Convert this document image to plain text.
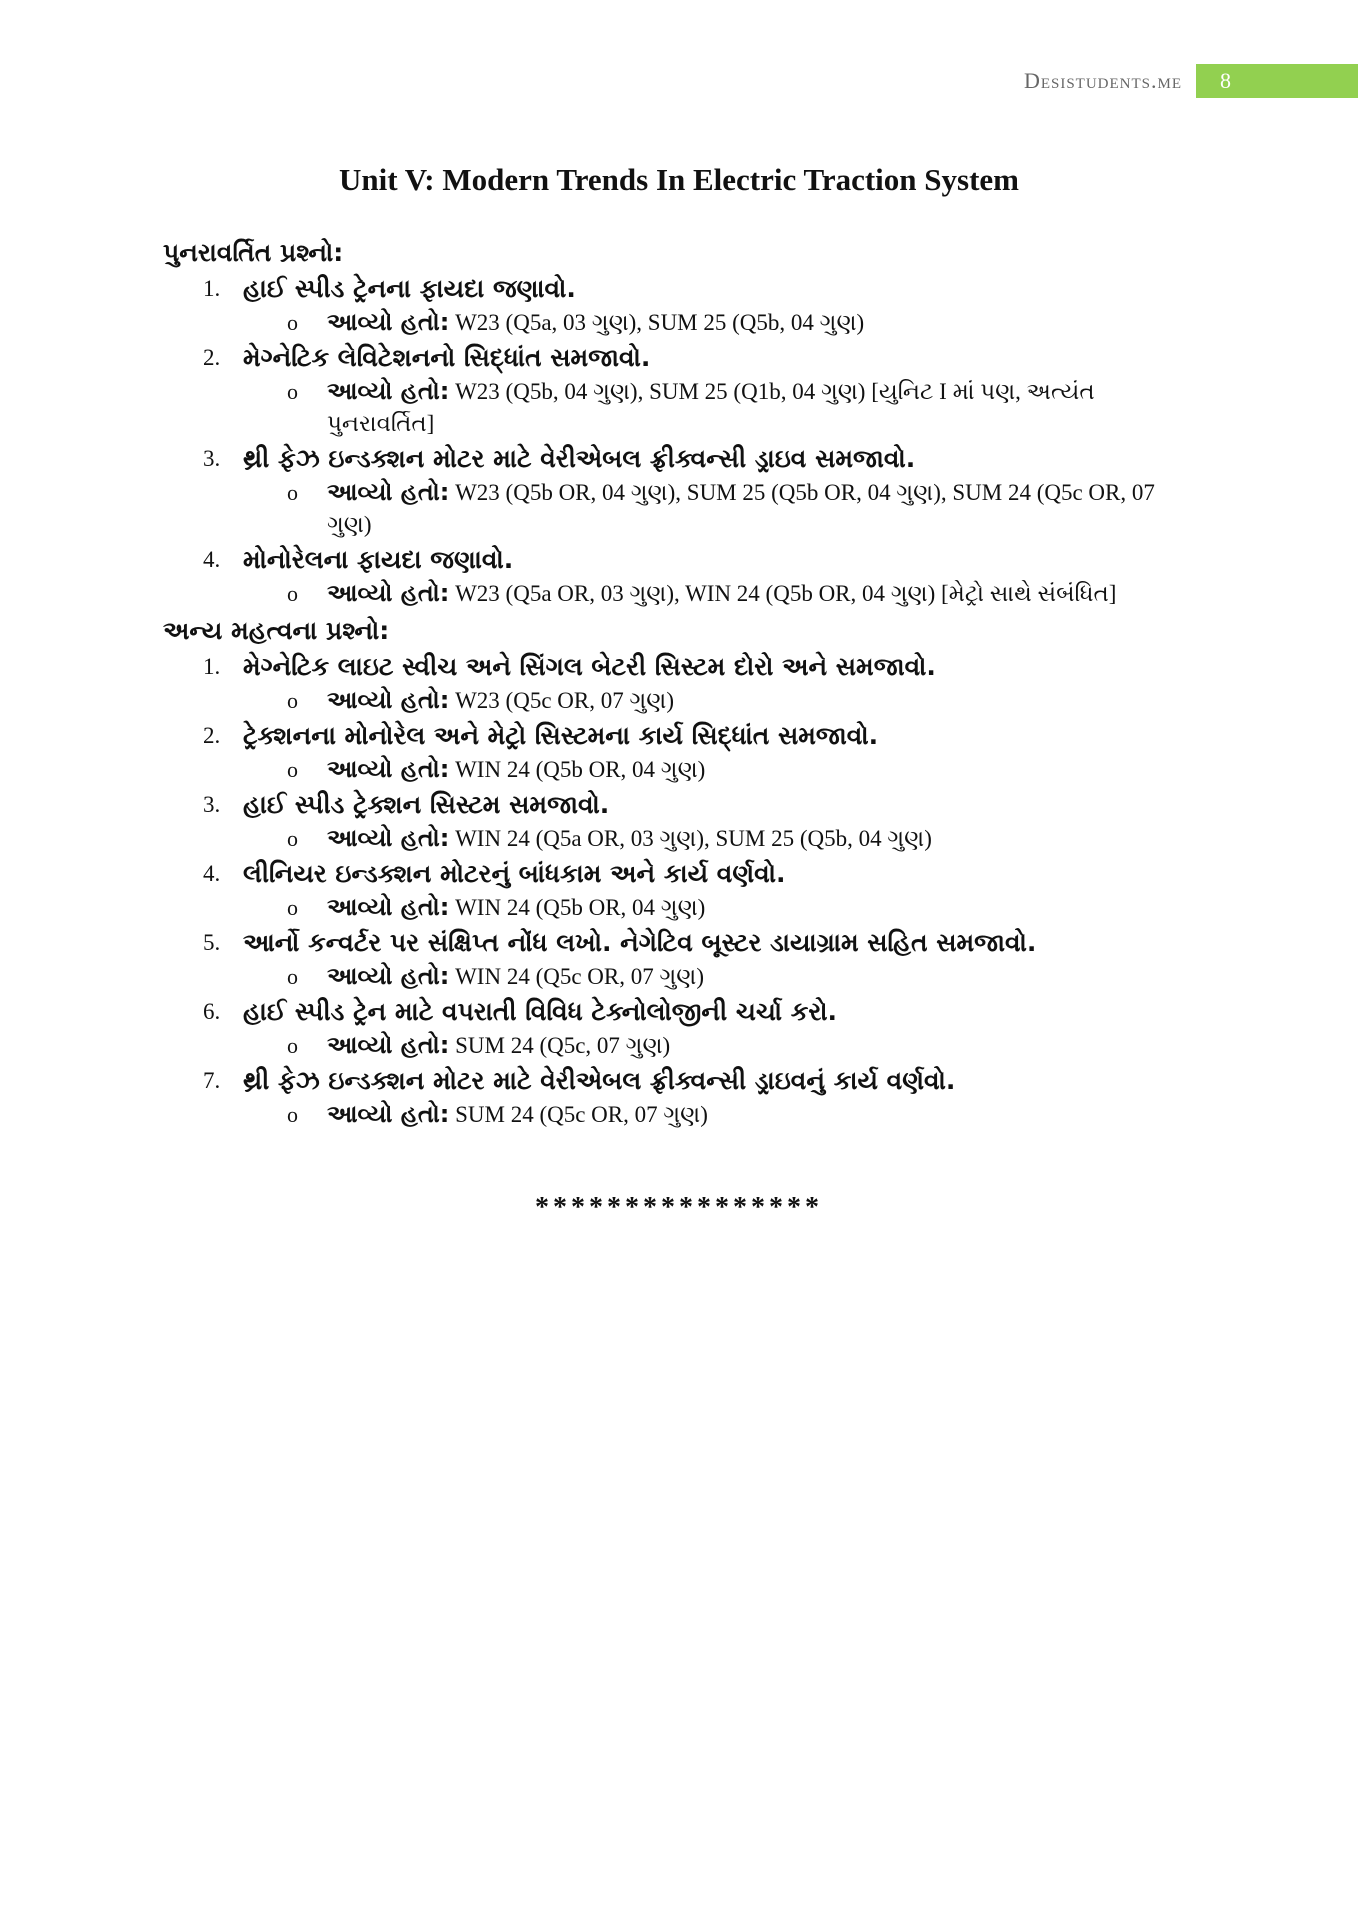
Desistudents.me 8
Unit V: Modern Trends In Electric Traction System
પુનરાવર્તિત પ્રશ્નો:
1. હાઈ સ્પીડ ટ્રેનના ફાયદા જણાવો.
o આવ્યો હતો: W23 (Q5a, 03 ગુણ), SUM 25 (Q5b, 04 ગુણ)
2. મેગ્નેટિક લેવિટેશનનો સિદ્ધાંત સમજાવો.
o આવ્યો હતો: W23 (Q5b, 04 ગુણ), SUM 25 (Q1b, 04 ગુણ) [યુનિટ I માં પણ, અત્યંત પુનરાવર્તિત]
3. થ્રી ફેઝ ઇન્ડક્શન મોટર માટે વેરીએબલ ફ્રીક્વન્સી ડ્રાઇવ સમજાવો.
o આવ્યો હતો: W23 (Q5b OR, 04 ગુણ), SUM 25 (Q5b OR, 04 ગુણ), SUM 24 (Q5c OR, 07 ગુણ)
4. મોનોરેલના ફાયદા જણાવો.
o આવ્યો હતો: W23 (Q5a OR, 03 ગુણ), WIN 24 (Q5b OR, 04 ગુણ) [મેટ્રો સાથે સંબંધિત]
અન્ય મહત્વના પ્રશ્નો:
1. મેગ્નેટિક લાઇટ સ્વીચ અને સિંગલ બેટરી સિસ્ટમ દોરો અને સમજાવો.
o આવ્યો હતો: W23 (Q5c OR, 07 ગુણ)
2. ટ્રેક્શનના મોનોરેલ અને મેટ્રો સિસ્ટમના કાર્ય સિદ્ધાંત સમજાવો.
o આવ્યો હતો: WIN 24 (Q5b OR, 04 ગુણ)
3. હાઈ સ્પીડ ટ્રેક્શન સિસ્ટમ સમજાવો.
o આવ્યો હતો: WIN 24 (Q5a OR, 03 ગુણ), SUM 25 (Q5b, 04 ગુણ)
4. લીનિયર ઇન્ડક્શન મોટરનું બાંધકામ અને કાર્ય વર્ણવો.
o આવ્યો હતો: WIN 24 (Q5b OR, 04 ગુણ)
5. આર્નો કન્વર્ટર પર સંક્ષિપ્ત નોંધ લખો. નેગેટિવ બૂસ્ટર ડાયાગ્રામ સહિત સમજાવો.
o આવ્યો હતો: WIN 24 (Q5c OR, 07 ગુણ)
6. હાઈ સ્પીડ ટ્રેન માટે વપરાતી વિવિધ ટેક્નોલોજીની ચર્ચા કરો.
o આવ્યો હતો: SUM 24 (Q5c, 07 ગુણ)
7. થ્રી ફેઝ ઇન્ડક્શન મોટર માટે વેરીએબલ ફ્રીક્વન્સી ડ્રાઇવનું કાર્ય વર્ણવો.
o આવ્યો હતો: SUM 24 (Q5c OR, 07 ગુણ)
****************
